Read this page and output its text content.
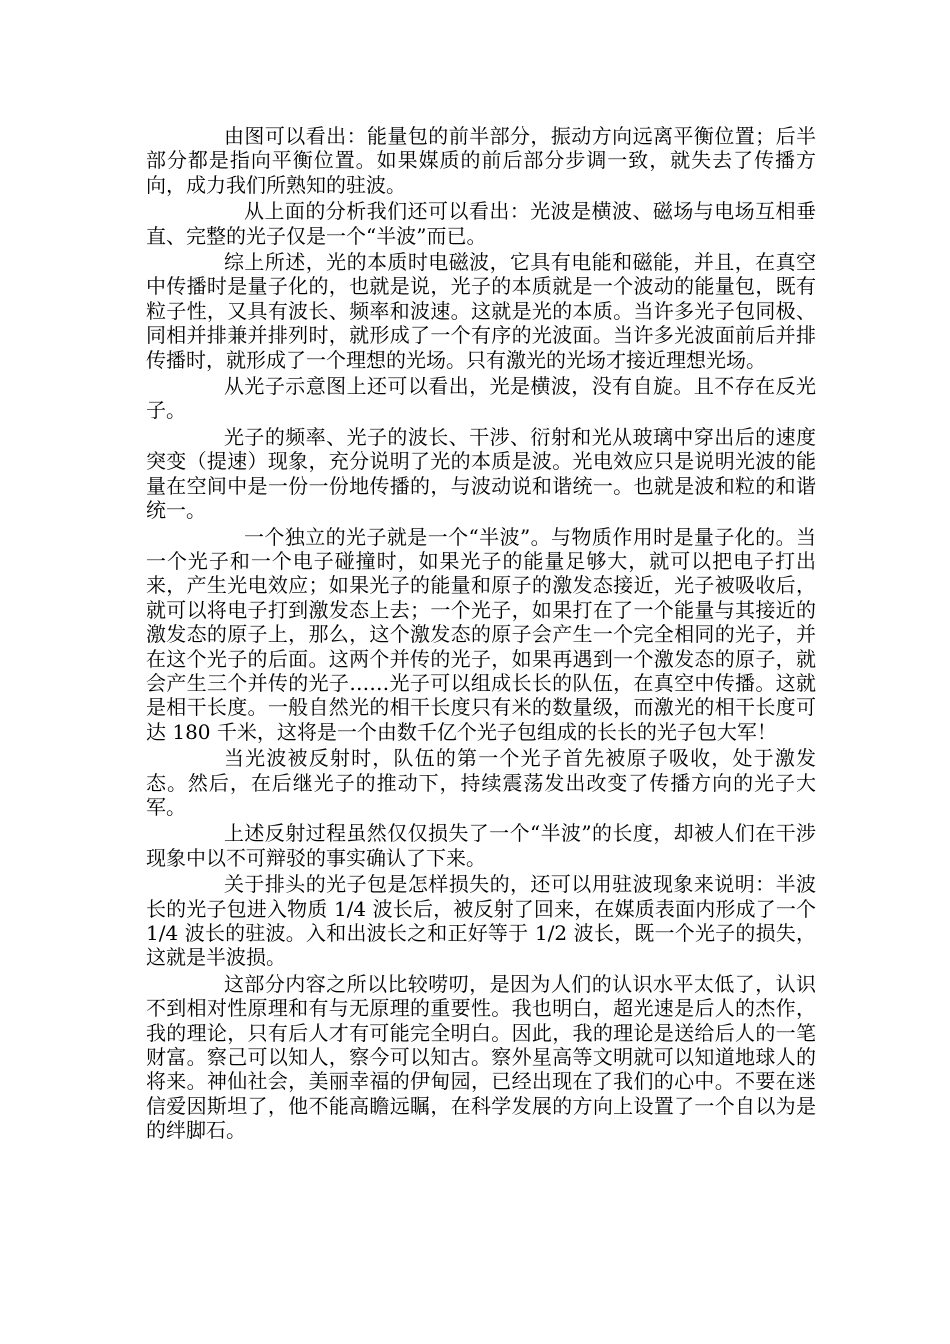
由图可以看出：能量包的前半部分，振动方向远离平衡位置；后半部分都是指向平衡位置。如果媒质的前后部分步调一致，就失去了传播方向，成力我们所熟知的驻波。

从上面的分析我们还可以看出：光波是横波、磁场与电场互相垂直、完整的光子仅是一个“半波”而已。

综上所述，光的本质时电磁波，它具有电能和磁能，并且，在真空中传播时是量子化的，也就是说，光子的本质就是一个波动的能量包，既有粒子性，又具有波长、频率和波速。这就是光的本质。当许多光子包同极、同相并排兼并排列时，就形成了一个有序的光波面。当许多光波面前后并排传播时，就形成了一个理想的光场。只有激光的光场才接近理想光场。

从光子示意图上还可以看出，光是横波，没有自旋。且不存在反光子。

光子的频率、光子的波长、干涉、衍射和光从玻璃中穿出后的速度突变（提速）现象，充分说明了光的本质是波。光电效应只是说明光波的能量在空间中是一份一份地传播的，与波动说和谐统一。也就是波和粒的和谐统一。

一个独立的光子就是一个“半波”。与物质作用时是量子化的。当一个光子和一个电子碰撞时，如果光子的能量足够大，就可以把电子打出来，产生光电效应；如果光子的能量和原子的激发态接近，光子被吸收后，就可以将电子打到激发态上去；一个光子，如果打在了一个能量与其接近的激发态的原子上，那么，这个激发态的原子会产生一个完全相同的光子，并在这个光子的后面。这两个并传的光子，如果再遇到一个激发态的原子，就会产生三个并传的光子……光子可以组成长长的队伍，在真空中传播。这就是相干长度。一般自然光的相干长度只有米的数量级，而激光的相干长度可达 180 千米，这将是一个由数千亿个光子包组成的长长的光子包大军！

当光波被反射时，队伍的第一个光子首先被原子吸收，处于激发态。然后，在后继光子的推动下，持续震荡发出改变了传播方向的光子大军。

上述反射过程虽然仅仅损失了一个“半波”的长度，却被人们在干涉现象中以不可辩驳的事实确认了下来。

关于排头的光子包是怎样损失的，还可以用驻波现象来说明：半波长的光子包进入物质 1/4 波长后，被反射了回来，在媒质表面内形成了一个 1/4 波长的驻波。入和出波长之和正好等于 1/2 波长，既一个光子的损失，这就是半波损。

这部分内容之所以比较唠叨，是因为人们的认识水平太低了，认识不到相对性原理和有与无原理的重要性。我也明白，超光速是后人的杰作，我的理论，只有后人才有可能完全明白。因此，我的理论是送给后人的一笔财富。察己可以知人，察今可以知古。察外星高等文明就可以知道地球人的将来。神仙社会，美丽幸福的伊甸园，已经出现在了我们的心中。不要在迷信爱因斯坦了，他不能高瞻远瞩，在科学发展的方向上设置了一个自以为是的绊脚石。
